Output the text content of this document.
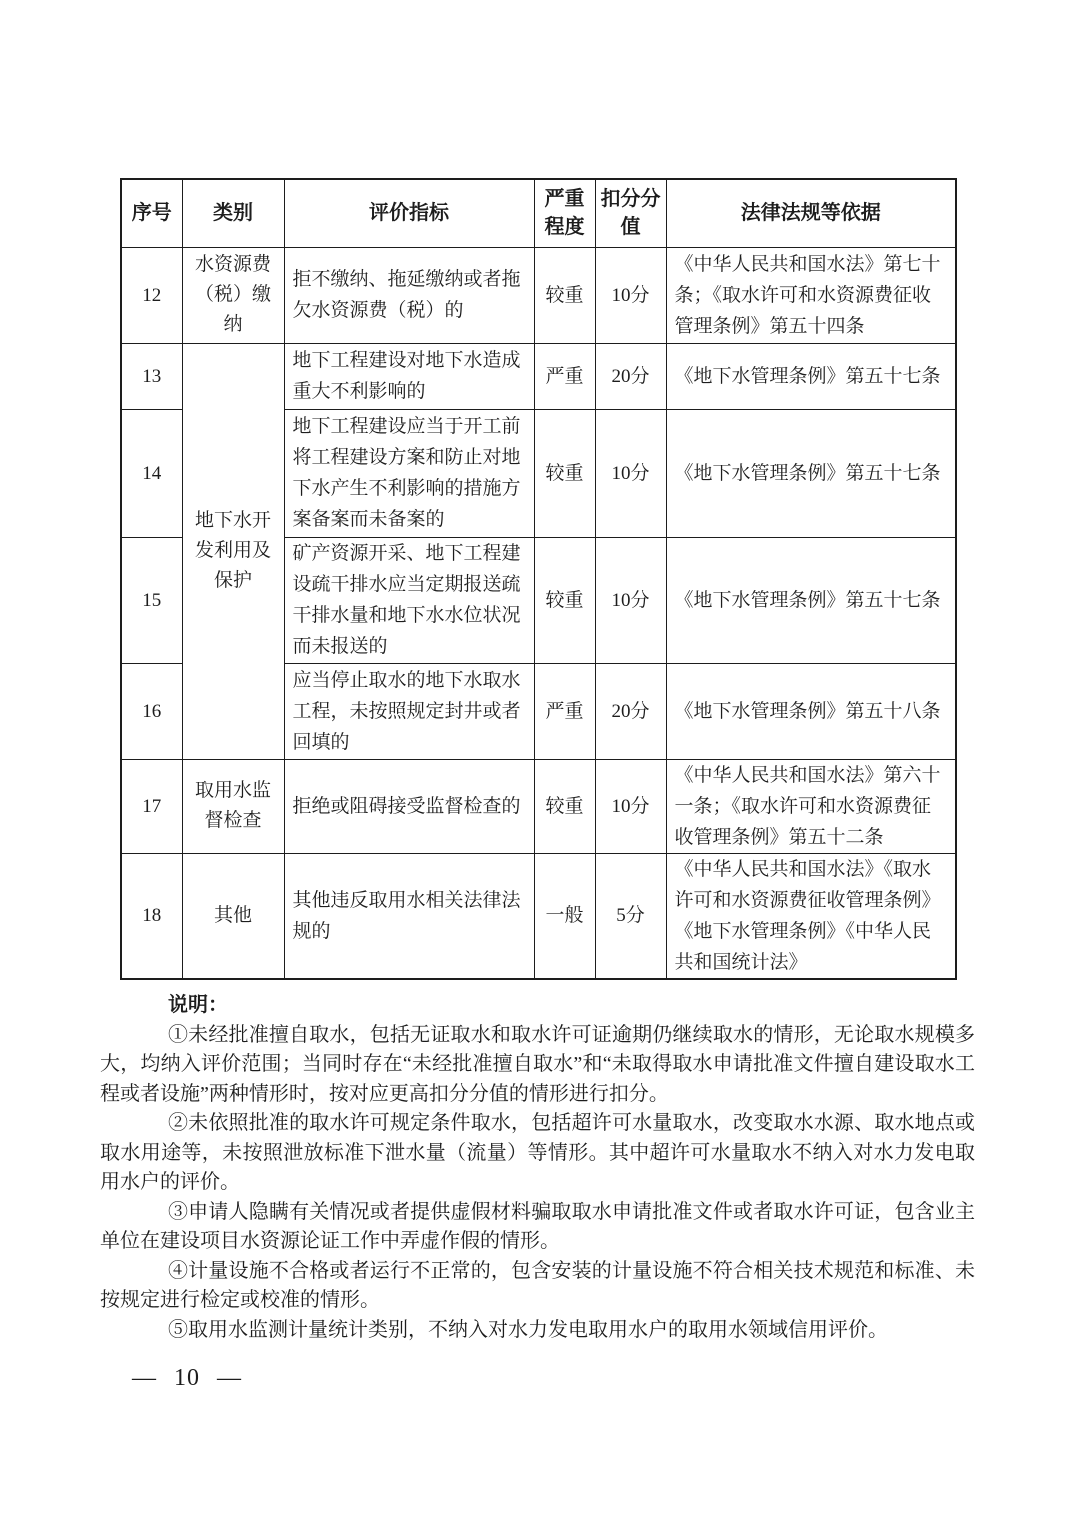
序号	类别	评价指标	严重程度	扣分分值	法律法规等依据
12	水资源费（税）缴纳	拒不缴纳、拖延缴纳或者拖欠水资源费（税）的	较重	10分	《中华人民共和国水法》第七十条；《取水许可和水资源费征收管理条例》第五十四条
13	地下水开发利用及保护	地下工程建设对地下水造成重大不利影响的	严重	20分	《地下水管理条例》第五十七条
14		地下工程建设应当于开工前将工程建设方案和防止对地下水产生不利影响的措施方案备案而未备案的	较重	10分	《地下水管理条例》第五十七条
15		矿产资源开采、地下工程建设疏干排水应当定期报送疏干排水量和地下水水位状况而未报送的	较重	10分	《地下水管理条例》第五十七条
16		应当停止取水的地下水取水工程，未按照规定封井或者回填的	严重	20分	《地下水管理条例》第五十八条
17	取用水监督检查	拒绝或阻碍接受监督检查的	较重	10分	《中华人民共和国水法》第六十一条；《取水许可和水资源费征收管理条例》第五十二条
18	其他	其他违反取用水相关法律法规的	一般	5分	《中华人民共和国水法》《取水许可和水资源费征收管理条例》《地下水管理条例》《中华人民共和国统计法》

说明：

①未经批准擅自取水，包括无证取水和取水许可证逾期仍继续取水的情形，无论取水规模多大，均纳入评价范围；当同时存在“未经批准擅自取水”和“未取得取水申请批准文件擅自建设取水工程或者设施”两种情形时，按对应更高扣分分值的情形进行扣分。

②未依照批准的取水许可规定条件取水，包括超许可水量取水，改变取水水源、取水地点或取水用途等，未按照泄放标准下泄水量（流量）等情形。其中超许可水量取水不纳入对水力发电取用水户的评价。

③申请人隐瞒有关情况或者提供虚假材料骗取取水申请批准文件或者取水许可证，包含业主单位在建设项目水资源论证工作中弄虚作假的情形。

④计量设施不合格或者运行不正常的，包含安装的计量设施不符合相关技术规范和标准、未按规定进行检定或校准的情形。

⑤取用水监测计量统计类别，不纳入对水力发电取用水户的取用水领域信用评价。

— 10 —
